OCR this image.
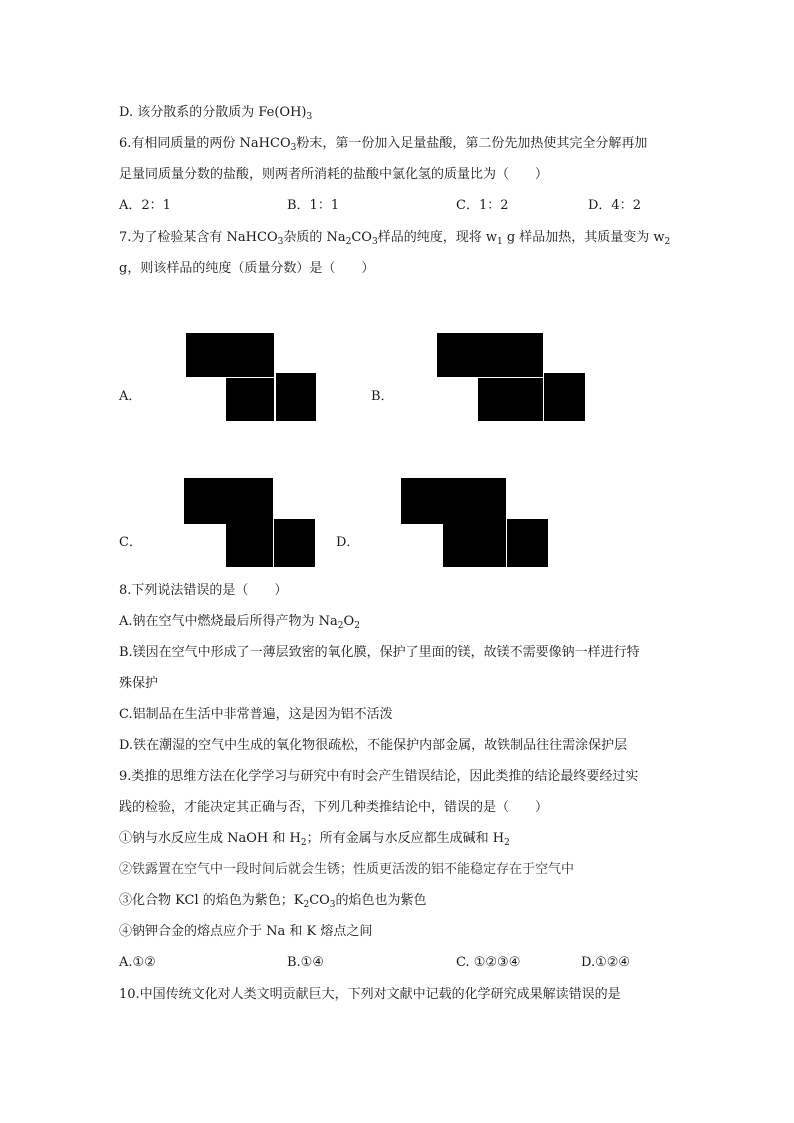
D. 该分散系的分散质为 $Fe(OH)_3$
6.有相同质量的两份 NaHCO$_3$粉末，第一份加入足量盐酸，第二份先加热使其完全分解再加
足量同质量分数的盐酸，则两者所消耗的盐酸中氯化氢的质量比为（　　）
A．2：1	B．1：1	C．1：2	D．4：2
7.为了检验某含有 NaHCO$_3$杂质的 $Na_2CO_3$样品的纯度，现将 $w_1$ g 样品加热，其质量变为 $w_2$
g，则该样品的纯度（质量分数）是（　　）
A．	B．
C．	D．
8.下列说法错误的是（　　）
A.钠在空气中燃烧最后所得产物为 $Na_2O_2$
B.镁因在空气中形成了一薄层致密的氧化膜，保护了里面的镁，故镁不需要像钠一样进行特
殊保护
C.铝制品在生活中非常普遍，这是因为铝不活泼
D.铁在潮湿的空气中生成的氧化物很疏松，不能保护内部金属，故铁制品往往需涂保护层
9.类推的思维方法在化学学习与研究中有时会产生错误结论，因此类推的结论最终要经过实
践的检验，才能决定其正确与否，下列几种类推结论中，错误的是（　　）
①钠与水反应生成 NaOH 和 $H_2$；所有金属与水反应都生成碱和 $H_2$
②铁露置在空气中一段时间后就会生锈；性质更活泼的铝不能稳定存在于空气中
③化合物 KCl 的焰色为紫色；$K_2CO_3$的焰色也为紫色
④钠钾合金的熔点应介于 Na 和 K 熔点之间
A.①②	B.①④	C. ①②③④	D.①②④
10.中国传统文化对人类文明贡献巨大，下列对文献中记载的化学研究成果解读错误的是
